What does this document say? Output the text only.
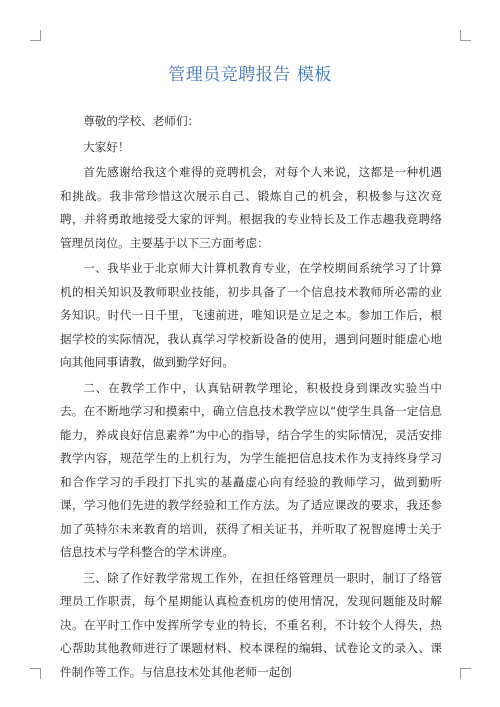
管理员竞聘报告 模板

尊敬的学校、老师们：

大家好！

首先感谢给我这个难得的竞聘机会，对每个人来说，这都是一种机遇和挑战。我非常珍惜这次展示自己、锻炼自己的机会，积极参与这次竞聘，并将勇敢地接受大家的评判。根据我的专业特长及工作志趣我竞聘络管理员岗位。主要基于以下三方面考虑：

一、我毕业于北京师大计算机教育专业，在学校期间系统学习了计算机的相关知识及教师职业技能，初步具备了一个信息技术教师所必需的业务知识。时代一日千里，飞速前进，唯知识是立足之本。参加工作后，根据学校的实际情况，我认真学习学校新设备的使用，遇到问题时能虚心地向其他同事请教，做到勤学好问。

二、在教学工作中，认真钻研教学理论，积极投身到课改实验当中去。在不断地学习和摸索中，确立信息技术教学应以“使学生具备一定信息能力，养成良好信息素养”为中心的指导，结合学生的实际情况，灵活安排教学内容，规范学生的上机行为，为学生能把信息技术作为支持终身学习和合作学习的手段打下扎实的基矗虚心向有经验的教师学习，做到勤听课，学习他们先进的教学经验和工作方法。为了适应课改的要求，我还参加了英特尔未来教育的培训，获得了相关证书，并听取了祝智庭博士关于信息技术与学科整合的学术讲座。

三、除了作好教学常规工作外，在担任络管理员一职时，制订了络管理员工作职责，每个星期能认真检查机房的使用情况，发现问题能及时解决。在平时工作中发挥所学专业的特长，不重名利，不计较个人得失，热心帮助其他教师进行了课题材料、校本课程的编辑、试卷论文的录入、课件制作等工作。与信息技术处其他老师一起创
